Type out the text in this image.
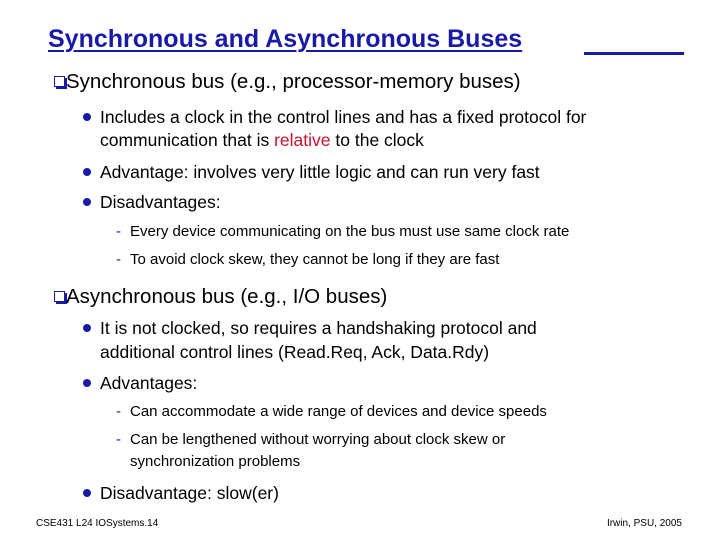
Synchronous and Asynchronous Buses

Synchronous bus (e.g., processor-memory buses)

Includes a clock in the control lines and has a fixed protocol for

communication that is relative to the clock

Advantage: involves very little logic and can run very fast

Disadvantages:

- Every device communicating on the bus must use same clock rate

- To avoid clock skew, they cannot be long if they are fast

Asynchronous bus (e.g., I/O buses)

It is not clocked, so requires a handshaking protocol and

additional control lines (Read.Req, Ack, Data.Rdy)

Advantages:

- Can accommodate a wide range of devices and device speeds

- Can be lengthened without worrying about clock skew or

synchronization problems

Disadvantage: slow(er)

CSE431 L24 IOSystems.14	Irwin, PSU, 2005
